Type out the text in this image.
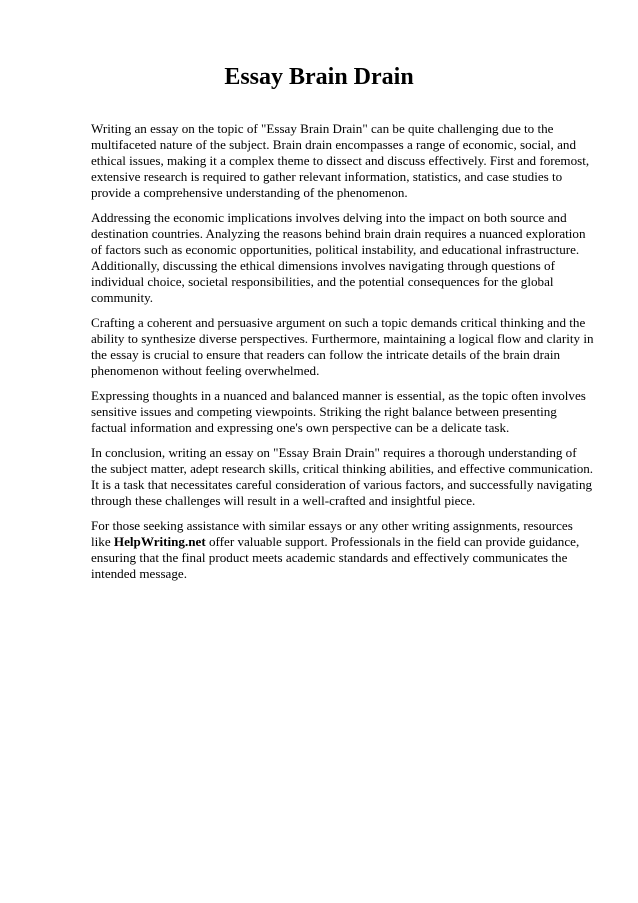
Essay Brain Drain

Writing an essay on the topic of "Essay Brain Drain" can be quite challenging due to the multifaceted nature of the subject. Brain drain encompasses a range of economic, social, and ethical issues, making it a complex theme to dissect and discuss effectively. First and foremost, extensive research is required to gather relevant information, statistics, and case studies to provide a comprehensive understanding of the phenomenon.

Addressing the economic implications involves delving into the impact on both source and destination countries. Analyzing the reasons behind brain drain requires a nuanced exploration of factors such as economic opportunities, political instability, and educational infrastructure. Additionally, discussing the ethical dimensions involves navigating through questions of individual choice, societal responsibilities, and the potential consequences for the global community.

Crafting a coherent and persuasive argument on such a topic demands critical thinking and the ability to synthesize diverse perspectives. Furthermore, maintaining a logical flow and clarity in the essay is crucial to ensure that readers can follow the intricate details of the brain drain phenomenon without feeling overwhelmed.

Expressing thoughts in a nuanced and balanced manner is essential, as the topic often involves sensitive issues and competing viewpoints. Striking the right balance between presenting factual information and expressing one's own perspective can be a delicate task.

In conclusion, writing an essay on "Essay Brain Drain" requires a thorough understanding of the subject matter, adept research skills, critical thinking abilities, and effective communication. It is a task that necessitates careful consideration of various factors, and successfully navigating through these challenges will result in a well-crafted and insightful piece.

For those seeking assistance with similar essays or any other writing assignments, resources like HelpWriting.net offer valuable support. Professionals in the field can provide guidance, ensuring that the final product meets academic standards and effectively communicates the intended message.
